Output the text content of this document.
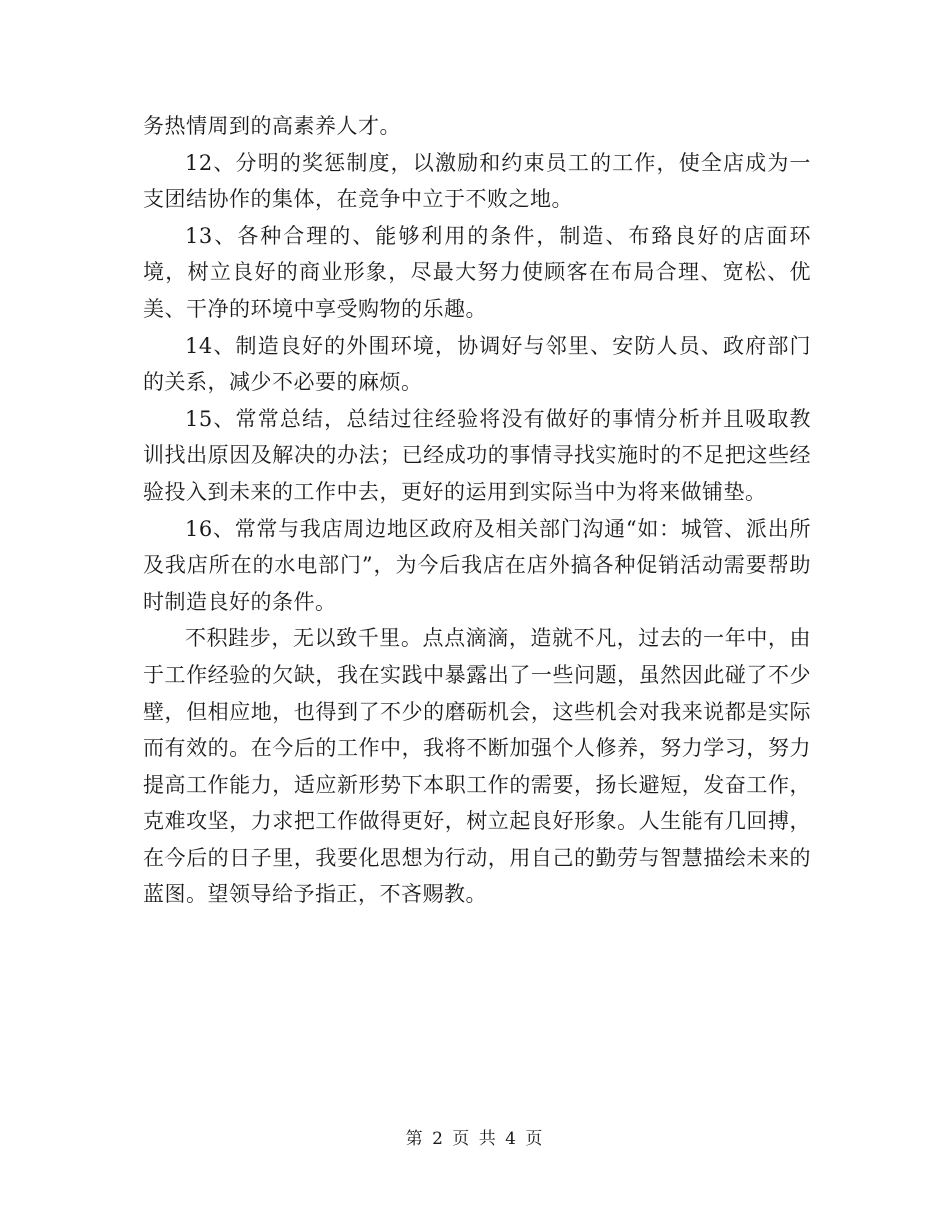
务热情周到的高素养人才。

12、分明的奖惩制度，以激励和约束员工的工作，使全店成为一支团结协作的集体，在竞争中立于不败之地。

13、各种合理的、能够利用的条件，制造、布臵良好的店面环境，树立良好的商业形象，尽最大努力使顾客在布局合理、宽松、优美、干净的环境中享受购物的乐趣。

14、制造良好的外围环境，协调好与邻里、安防人员、政府部门的关系，减少不必要的麻烦。

15、常常总结，总结过往经验将没有做好的事情分析并且吸取教训找出原因及解决的办法；已经成功的事情寻找实施时的不足把这些经验投入到未来的工作中去，更好的运用到实际当中为将来做铺垫。

16、常常与我店周边地区政府及相关部门沟通“如：城管、派出所及我店所在的水电部门”，为今后我店在店外搞各种促销活动需要帮助时制造良好的条件。

不积跬步，无以致千里。点点滴滴，造就不凡，过去的一年中，由于工作经验的欠缺，我在实践中暴露出了一些问题，虽然因此碰了不少壁，但相应地，也得到了不少的磨砺机会，这些机会对我来说都是实际而有效的。在今后的工作中，我将不断加强个人修养，努力学习，努力提高工作能力，适应新形势下本职工作的需要，扬长避短，发奋工作，克难攻坚，力求把工作做得更好，树立起良好形象。人生能有几回搏，在今后的日子里，我要化思想为行动，用自己的勤劳与智慧描绘未来的蓝图。望领导给予指正，不吝赐教。

第 2 页 共 4 页
